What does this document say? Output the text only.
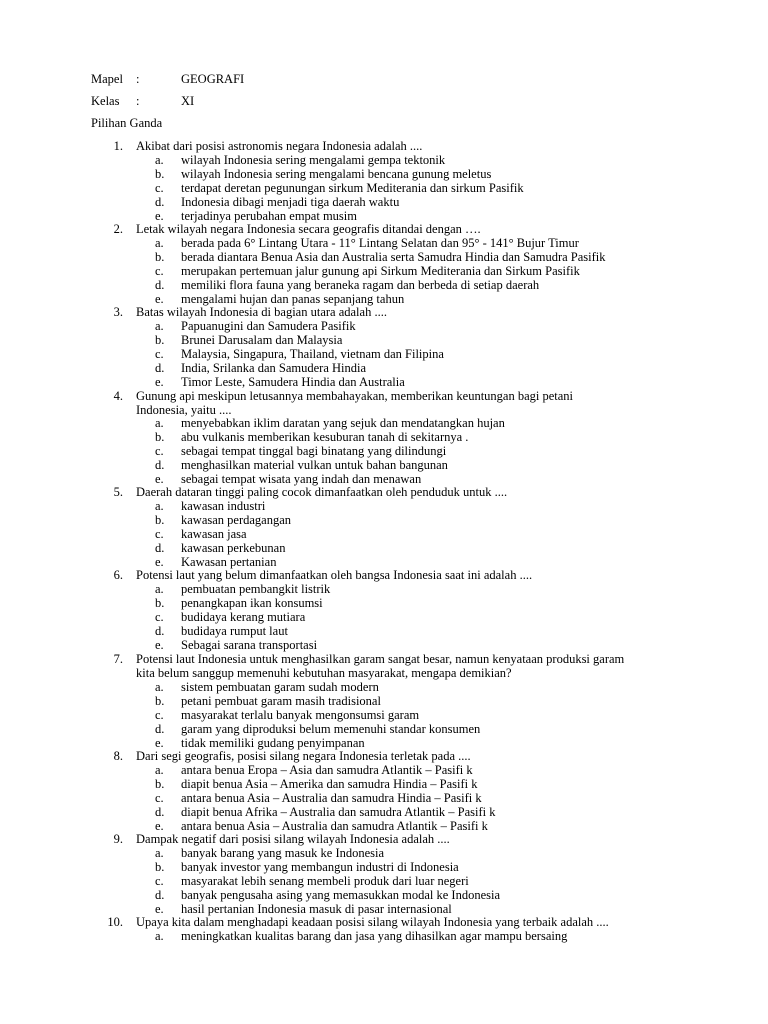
Mapel :	GEOGRAFI
Kelas :	XI
Pilihan Ganda
1. Akibat dari posisi astronomis negara Indonesia adalah ....
a. wilayah Indonesia sering mengalami gempa tektonik
b. wilayah Indonesia sering mengalami bencana gunung meletus
c. terdapat deretan pegunungan sirkum Mediterania dan sirkum Pasifik
d. Indonesia dibagi menjadi tiga daerah waktu
e. terjadinya perubahan empat musim
2. Letak wilayah negara Indonesia secara geografis ditandai dengan ….
a. berada pada 6° Lintang Utara - 11° Lintang Selatan dan 95° - 141° Bujur Timur
b. berada diantara Benua Asia dan Australia serta Samudra Hindia dan Samudra Pasifik
c. merupakan pertemuan jalur gunung api Sirkum Mediterania dan Sirkum Pasifik
d. memiliki flora fauna yang beraneka ragam dan berbeda di setiap daerah
e. mengalami hujan dan panas sepanjang tahun
3. Batas wilayah Indonesia di bagian utara adalah ....
a. Papuanugini dan Samudera Pasifik
b. Brunei Darusalam dan Malaysia
c. Malaysia, Singapura, Thailand, vietnam dan Filipina
d. India, Srilanka dan Samudera Hindia
e. Timor Leste, Samudera Hindia dan Australia
4. Gunung api meskipun letusannya membahayakan, memberikan keuntungan bagi petani
Indonesia, yaitu ....
a. menyebabkan iklim daratan yang sejuk dan mendatangkan hujan
b. abu vulkanis memberikan kesuburan tanah di sekitarnya .
c. sebagai tempat tinggal bagi binatang yang dilindungi
d. menghasilkan material vulkan untuk bahan bangunan
e. sebagai tempat wisata yang indah dan menawan
5. Daerah dataran tinggi paling cocok dimanfaatkan oleh penduduk untuk ....
a. kawasan industri
b. kawasan perdagangan
c. kawasan jasa
d. kawasan perkebunan
e. Kawasan pertanian
6. Potensi laut yang belum dimanfaatkan oleh bangsa Indonesia saat ini adalah ....
a. pembuatan pembangkit listrik
b. penangkapan ikan konsumsi
c. budidaya kerang mutiara
d. budidaya rumput laut
e. Sebagai sarana transportasi
7. Potensi laut Indonesia untuk menghasilkan garam sangat besar, namun kenyataan produksi garam
kita belum sanggup memenuhi kebutuhan masyarakat, mengapa demikian?
a. sistem pembuatan garam sudah modern
b. petani pembuat garam masih tradisional
c. masyarakat terlalu banyak mengonsumsi garam
d. garam yang diproduksi belum memenuhi standar konsumen
e. tidak memiliki gudang penyimpanan
8. Dari segi geografis, posisi silang negara Indonesia terletak pada ....
a. antara benua Eropa – Asia dan samudra Atlantik – Pasifi k
b. diapit benua Asia – Amerika dan samudra Hindia – Pasifi k
c. antara benua Asia – Australia dan samudra Hindia – Pasifi k
d. diapit benua Afrika – Australia dan samudra Atlantik – Pasifi k
e. antara benua Asia – Australia dan samudra Atlantik – Pasifi k
9. Dampak negatif dari posisi silang wilayah Indonesia adalah ....
a. banyak barang yang masuk ke Indonesia
b. banyak investor yang membangun industri di Indonesia
c. masyarakat lebih senang membeli produk dari luar negeri
d. banyak pengusaha asing yang memasukkan modal ke Indonesia
e. hasil pertanian Indonesia masuk di pasar internasional
10. Upaya kita dalam menghadapi keadaan posisi silang wilayah Indonesia yang terbaik adalah ....
a. meningkatkan kualitas barang dan jasa yang dihasilkan agar mampu bersaing
